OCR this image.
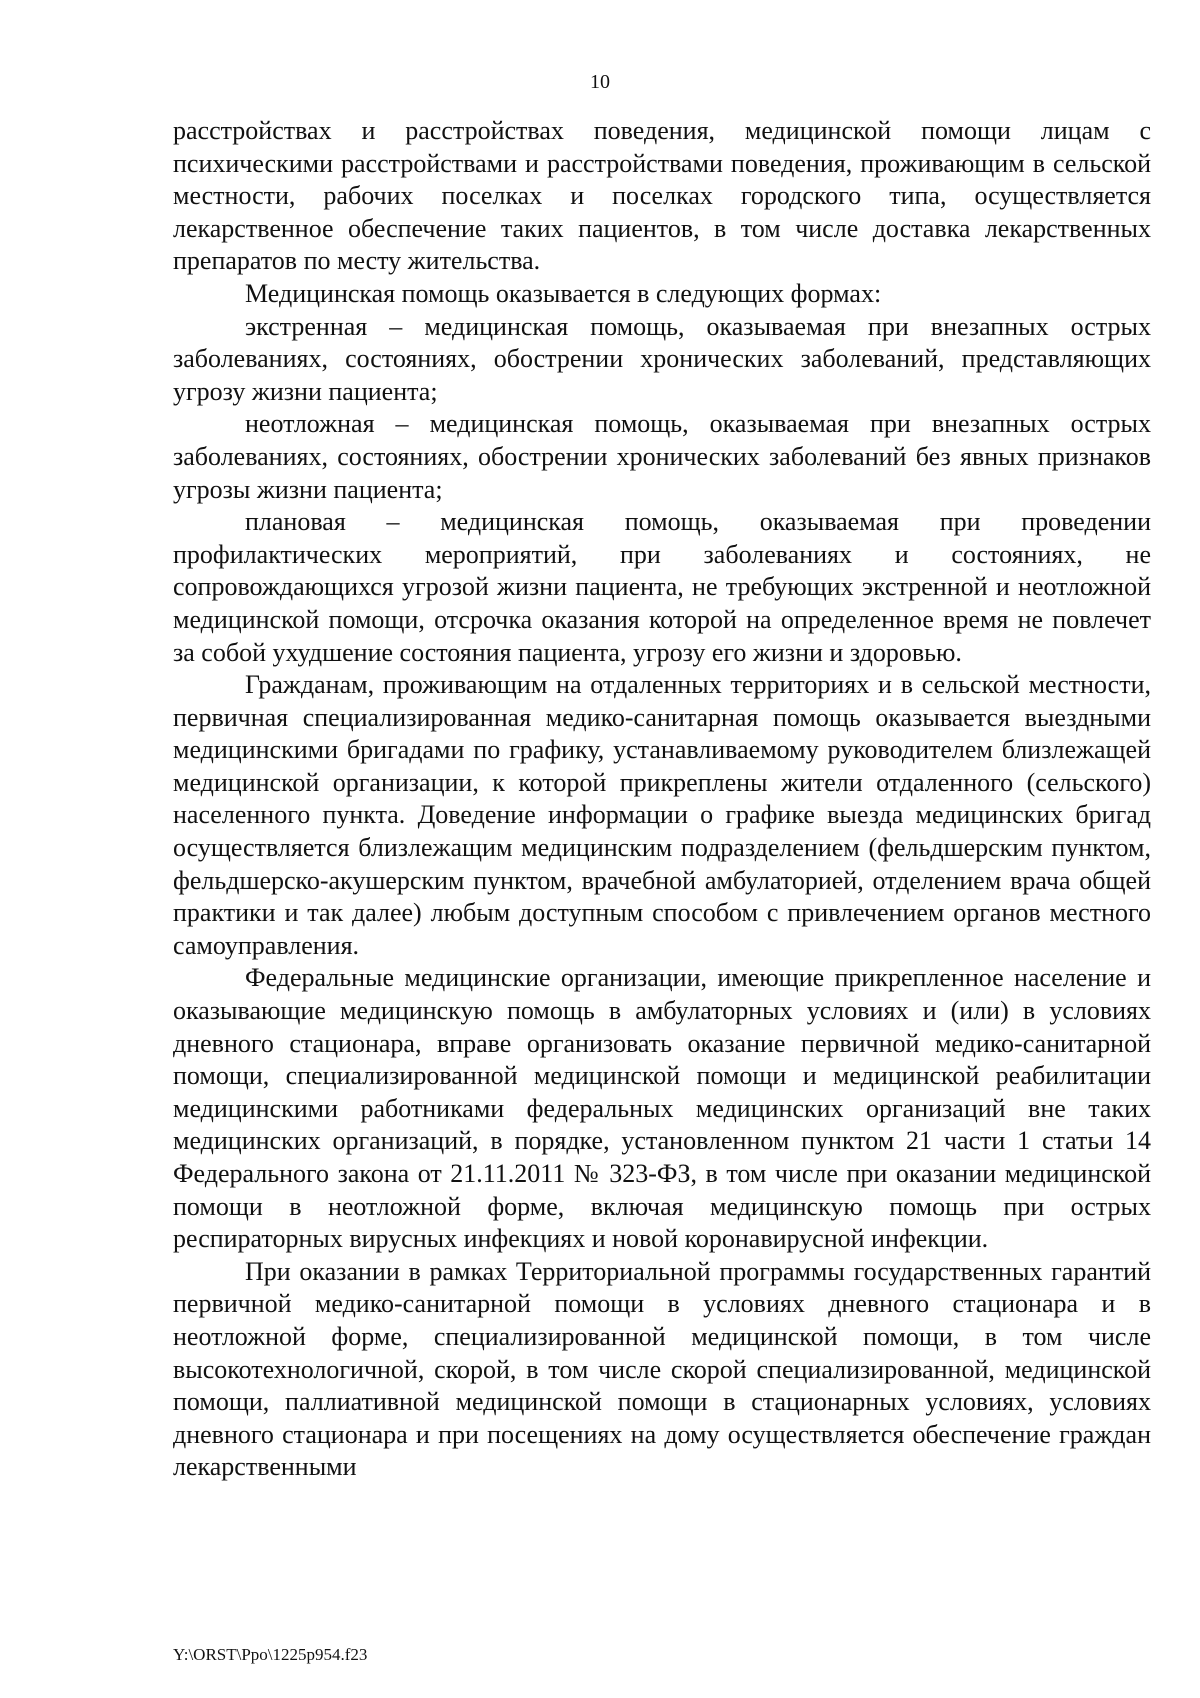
10

расстройствах и расстройствах поведения, медицинской помощи лицам с психическими расстройствами и расстройствами поведения, проживающим в сельской местности, рабочих поселках и поселках городского типа, осуществляется лекарственное обеспечение таких пациентов, в том числе доставка лекарственных препаратов по месту жительства.

Медицинская помощь оказывается в следующих формах:

экстренная – медицинская помощь, оказываемая при внезапных острых заболеваниях, состояниях, обострении хронических заболеваний, представляющих угрозу жизни пациента;

неотложная – медицинская помощь, оказываемая при внезапных острых заболеваниях, состояниях, обострении хронических заболеваний без явных признаков угрозы жизни пациента;

плановая – медицинская помощь, оказываемая при проведении профилактических мероприятий, при заболеваниях и состояниях, не сопровождающихся угрозой жизни пациента, не требующих экстренной и неотложной медицинской помощи, отсрочка оказания которой на определенное время не повлечет за собой ухудшение состояния пациента, угрозу его жизни и здоровью.

Гражданам, проживающим на отдаленных территориях и в сельской местности, первичная специализированная медико-санитарная помощь оказывается выездными медицинскими бригадами по графику, устанавливаемому руководителем близлежащей медицинской организации, к которой прикреплены жители отдаленного (сельского) населенного пункта. Доведение информации о графике выезда медицинских бригад осуществляется близлежащим медицинским подразделением (фельдшерским пунктом, фельдшерско-акушерским пунктом, врачебной амбулаторией, отделением врача общей практики и так далее) любым доступным способом с привлечением органов местного самоуправления.

Федеральные медицинские организации, имеющие прикрепленное население и оказывающие медицинскую помощь в амбулаторных условиях и (или) в условиях дневного стационара, вправе организовать оказание первичной медико-санитарной помощи, специализированной медицинской помощи и медицинской реабилитации медицинскими работниками федеральных медицинских организаций вне таких медицинских организаций, в порядке, установленном пунктом 21 части 1 статьи 14 Федерального закона от 21.11.2011 № 323-ФЗ, в том числе при оказании медицинской помощи в неотложной форме, включая медицинскую помощь при острых респираторных вирусных инфекциях и новой коронавирусной инфекции.

При оказании в рамках Территориальной программы государственных гарантий первичной медико-санитарной помощи в условиях дневного стационара и в неотложной форме, специализированной медицинской помощи, в том числе высокотехнологичной, скорой, в том числе скорой специализированной, медицинской помощи, паллиативной медицинской помощи в стационарных условиях, условиях дневного стационара и при посещениях на дому осуществляется обеспечение граждан лекарственными

Y:\ORST\Ppo\1225p954.f23
